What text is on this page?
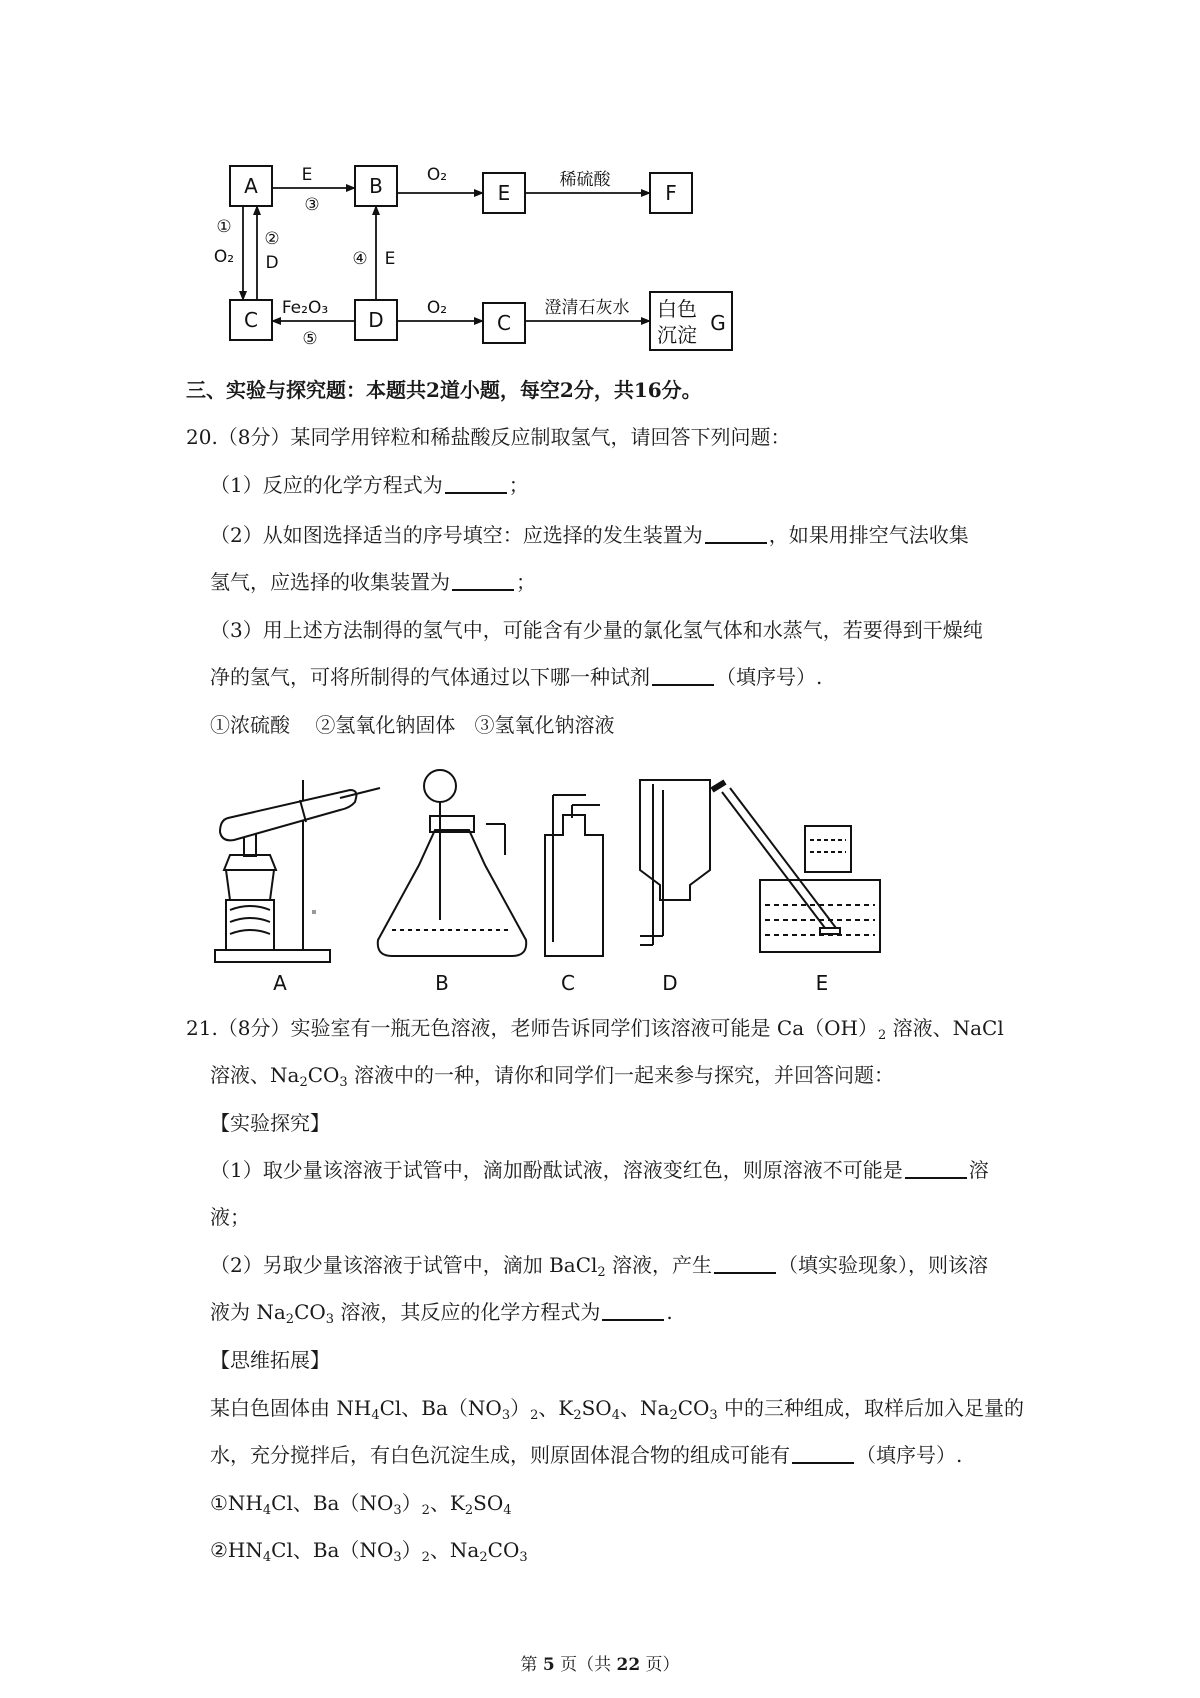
A	B	E	F
C	D	C
白色
沉淀 G
E
③
O₂	稀硫酸
①
O₂
②
D	④ E
Fe₂O₃
⑤
O₂	澄清石灰水
三、实验与探究题：本题共2道小题，每空2分，共16分。
20.（8分）某同学用锌粒和稀盐酸反应制取氢气，请回答下列问题：
（1）反应的化学方程式为	；
（2）从如图选择适当的序号填空：应选择的发生装置为	，如果用排空气法收集
氢气，应选择的收集装置为	；
（3）用上述方法制得的氢气中，可能含有少量的氯化氢气体和水蒸气，若要得到干燥纯
净的氢气，可将所制得的气体通过以下哪一种试剂	（填序号）.
①浓硫酸    ②氢氧化钠固体   ③氢氧化钠溶液
A	B	C	D	E
21.（8分）实验室有一瓶无色溶液，老师告诉同学们该溶液可能是 $Ca(OH)_2$ 溶液、NaCl
溶液、$Na_2CO_3$ 溶液中的一种，请你和同学们一起来参与探究，并回答问题：
【实验探究】
（1）取少量该溶液于试管中，滴加酚酞试液，溶液变红色，则原溶液不可能是	溶
液；
（2）另取少量该溶液于试管中，滴加 BaCl$_2$ 溶液，产生	（填实验现象），则该溶
液为 $Na_2CO_3$ 溶液，其反应的化学方程式为	.
【思维拓展】
某白色固体由 $NH_4Cl$、$Ba(NO_3)_2$、$K_2SO_4$、$Na_2CO_3$ 中的三种组成，取样后加入足量的
水，充分搅拌后，有白色沉淀生成，则原固体混合物的组成可能有	（填序号）.
$①NH_4Cl$、$Ba(NO_3)_2$、$K_2SO_4$
$②HN_4Cl$、$Ba(NO_3)_2$、$Na_2CO_3$
第 5 页（共 22 页）
